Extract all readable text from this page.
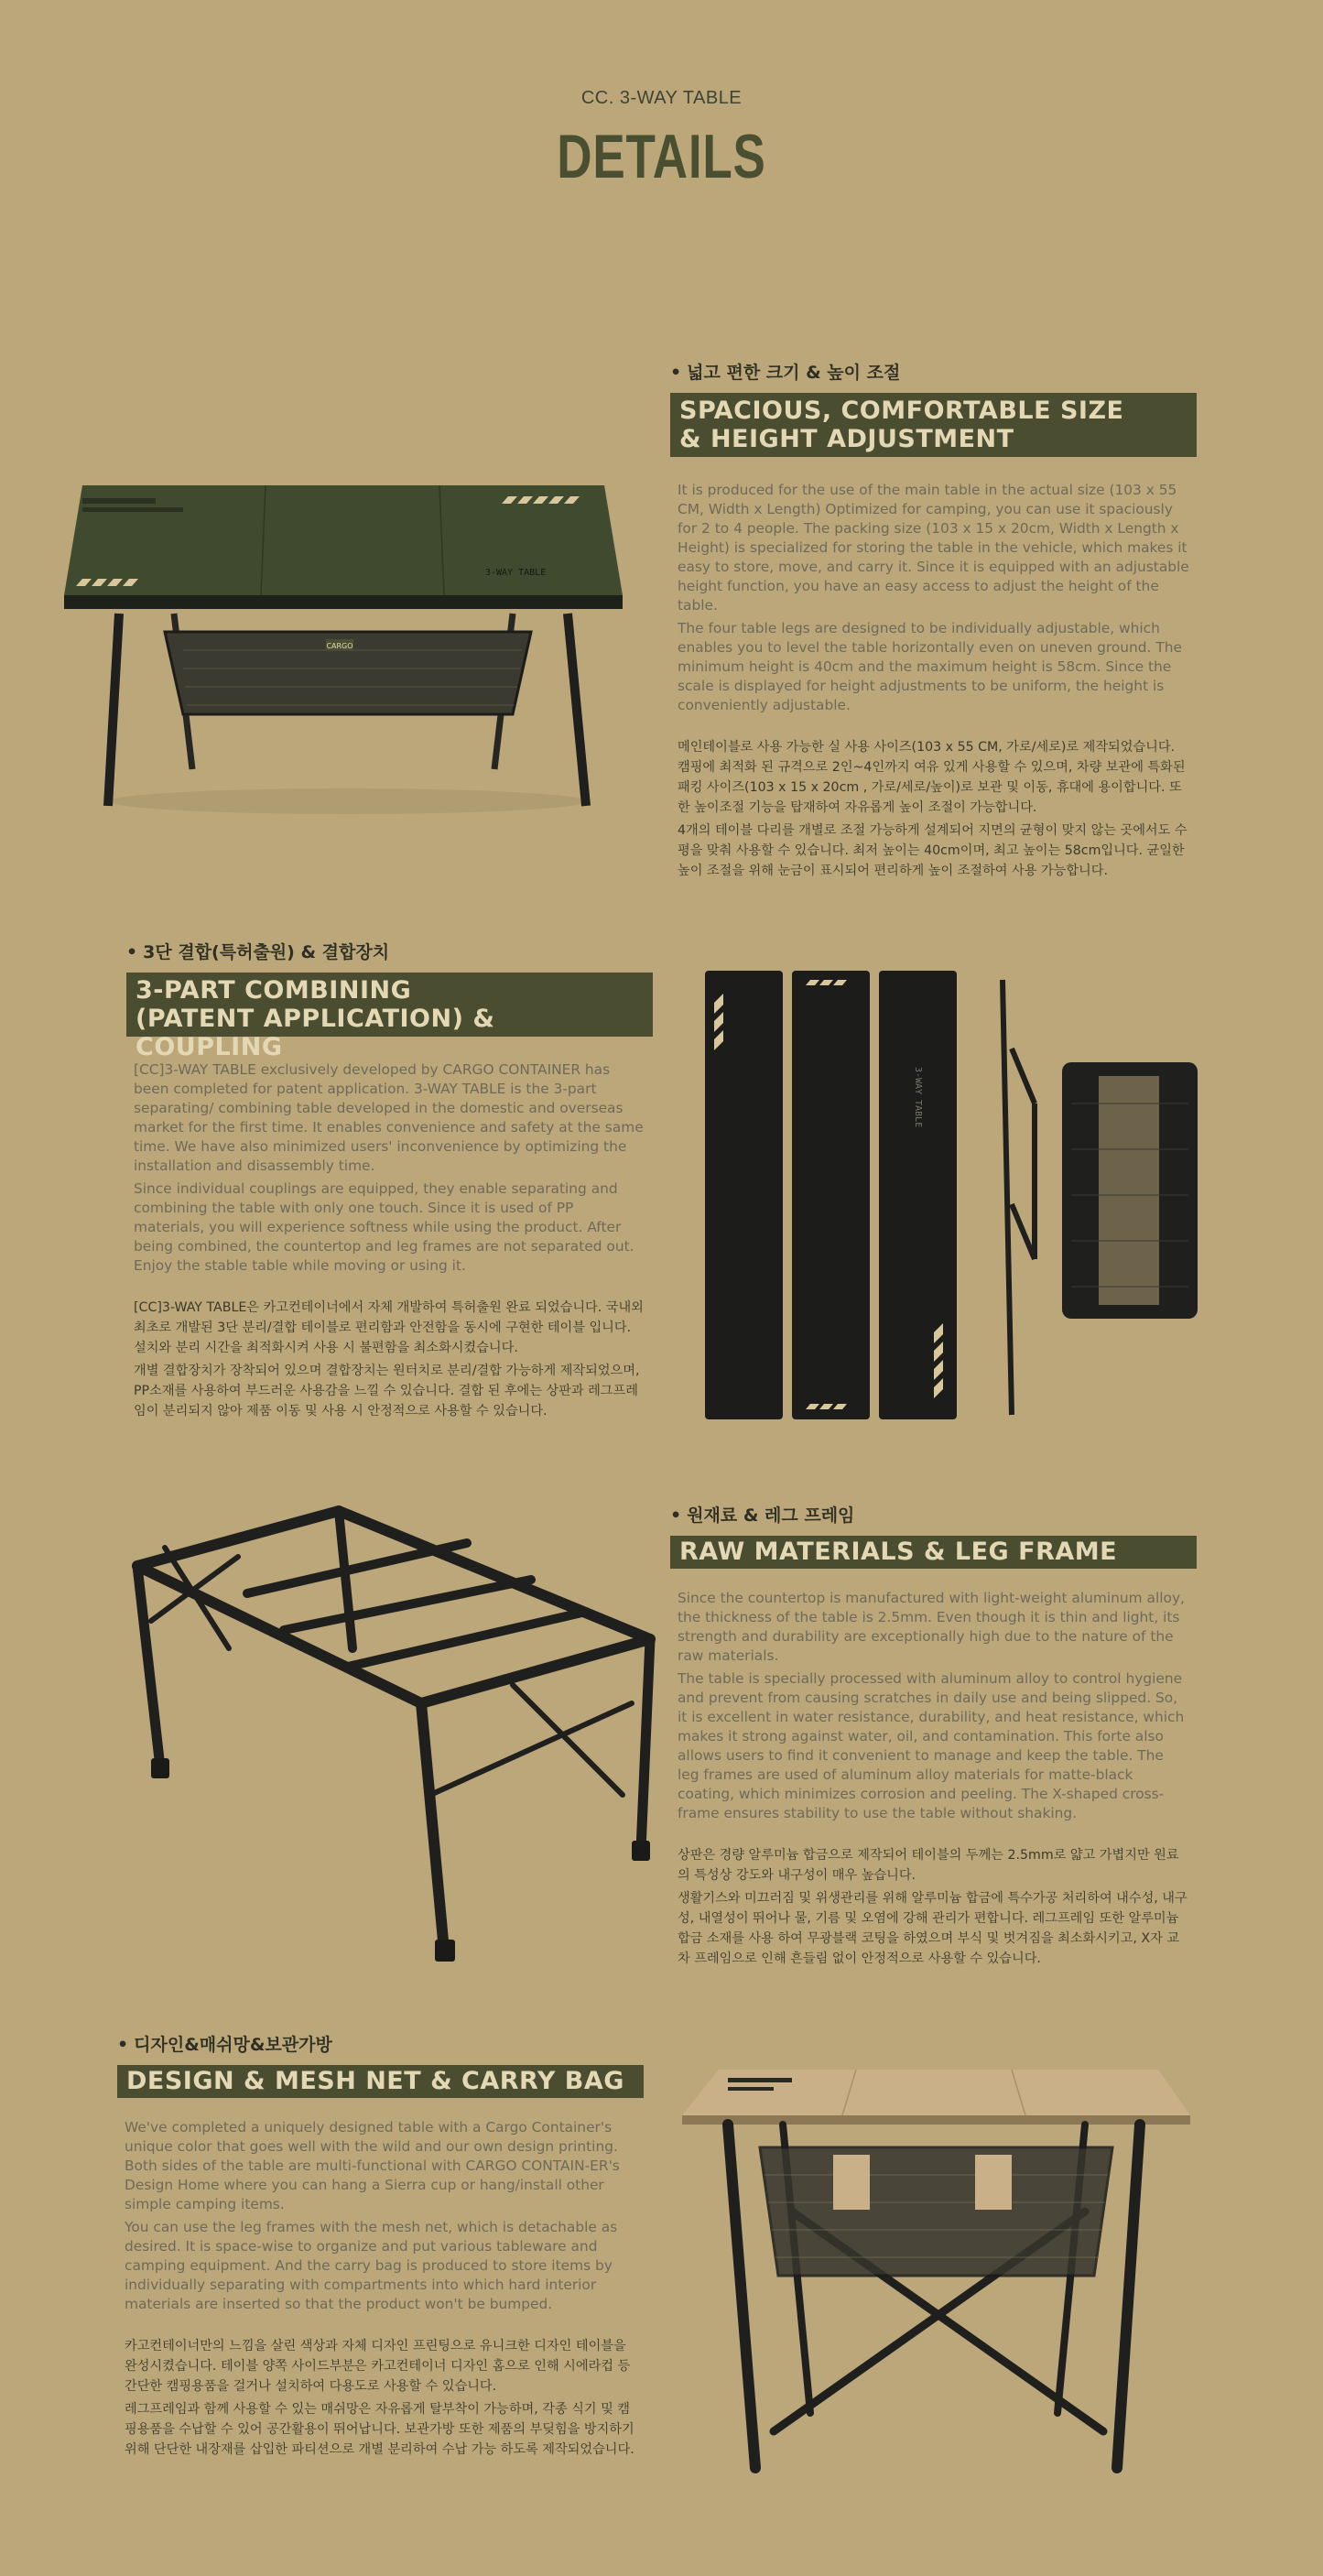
CC. 3-WAY TABLE
DETAILS
• 넓고 편한 크기 & 높이 조절
SPACIOUS, COMFORTABLE SIZE
& HEIGHT ADJUSTMENT

It is produced for the use of the main table in the actual size (103 x 55 CM, Width x Length) Optimized for camping, you can use it spaciously for 2 to 4 people. The packing size (103 x 15 x 20cm, Width x Length x Height) is specialized for storing the table in the vehicle, which makes it easy to store, move, and carry it. Since it is equipped with an adjustable height function, you have an easy access to adjust the height of the table.

The four table legs are designed to be individually adjustable, which enables you to level the table horizontally even on uneven ground. The minimum height is 40cm and the maximum height is 58cm. Since the scale is displayed for height adjustments to be uniform, the height is conveniently adjustable.

메인테이블로 사용 가능한 실 사용 사이즈(103 x 55 CM, 가로/세로)로 제작되었습니다. 캠핑에 최적화 된 규격으로 2인~4인까지 여유 있게 사용할 수 있으며, 차량 보관에 특화된 패킹 사이즈(103 x 15 x 20cm , 가로/세로/높이)로 보관 및 이동, 휴대에 용이합니다. 또한 높이조절 기능을 탑재하여 자유롭게 높이 조절이 가능합니다.

4개의 테이블 다리를 개별로 조절 가능하게 설계되어 지면의 균형이 맞지 않는 곳에서도 수평을 맞춰 사용할 수 있습니다. 최저 높이는 40cm이며, 최고 높이는 58cm입니다. 균일한 높이 조절을 위해 눈금이 표시되어 편리하게 높이 조절하여 사용 가능합니다.

CARGO
3-WAY TABLE
• 3단 결합(특허출원) & 결합장치
3-PART COMBINING
(PATENT APPLICATION) & COUPLING

[CC]3-WAY TABLE exclusively developed by CARGO CONTAINER has been completed for patent application. 3-WAY TABLE is the 3-part separating/ combining table developed in the domestic and overseas market for the first time. It enables convenience and safety at the same time. We have also minimized users' inconvenience by optimizing the installation and disassembly time.

Since individual couplings are equipped, they enable separating and combining the table with only one touch. Since it is used of PP materials, you will experience softness while using the product. After being combined, the countertop and leg frames are not separated out. Enjoy the stable table while moving or using it.

[CC]3-WAY TABLE은 카고컨테이너에서 자체 개발하여 특허출원 완료 되었습니다. 국내외 최초로 개발된 3단 분리/결합 테이블로 편리함과 안전함을 동시에 구현한 테이블 입니다. 설치와 분리 시간을 최적화시켜 사용 시 불편함을 최소화시켰습니다.

개별 결합장치가 장착되어 있으며 결합장치는 원터치로 분리/결합 가능하게 제작되었으며, PP소재를 사용하여 부드러운 사용감을 느낄 수 있습니다. 결합 된 후에는 상판과 레그프레임이 분리되지 않아 제품 이동 및 사용 시 안정적으로 사용할 수 있습니다.

3-WAY TABLE
• 원재료 & 레그 프레임
RAW MATERIALS & LEG FRAME

Since the countertop is manufactured with light-weight aluminum alloy, the thickness of the table is 2.5mm. Even though it is thin and light, its strength and durability are exceptionally high due to the nature of the raw materials.

The table is specially processed with aluminum alloy to control hygiene and prevent from causing scratches in daily use and being slipped. So, it is excellent in water resistance, durability, and heat resistance, which makes it strong against water, oil, and contamination. This forte also allows users to find it convenient to manage and keep the table. The leg frames are used of aluminum alloy materials for matte-black coating, which minimizes corrosion and peeling. The X-shaped cross-frame ensures stability to use the table without shaking.

상판은 경량 알루미늄 합금으로 제작되어 테이블의 두께는 2.5mm로 얇고 가볍지만 원료의 특성상 강도와 내구성이 매우 높습니다.

생활기스와 미끄러짐 및 위생관리를 위해 알루미늄 합금에 특수가공 처리하여 내수성, 내구성, 내열성이 뛰어나 물, 기름 및 오염에 강해 관리가 편합니다. 레그프레임 또한 알루미늄 합금 소재를 사용 하여 무광블랙 코팅을 하였으며 부식 및 벗겨짐을 최소화시키고, X자 교차 프레임으로 인해 흔들림 없이 안정적으로 사용할 수 있습니다.

• 디자인&매쉬망&보관가방
DESIGN & MESH NET & CARRY BAG

We've completed a uniquely designed table with a Cargo Container's unique color that goes well with the wild and our own design printing. Both sides of the table are multi-functional with CARGO CONTAIN-ER's Design Home where you can hang a Sierra cup or hang/install other simple camping items.

You can use the leg frames with the mesh net, which is detachable as desired. It is space-wise to organize and put various tableware and camping equipment. And the carry bag is produced to store items by individually separating with compartments into which hard interior materials are inserted so that the product won't be bumped.

카고컨테이너만의 느낌을 살린 색상과 자체 디자인 프린팅으로 유니크한 디자인 테이블을 완성시켰습니다. 테이블 양쪽 사이드부분은 카고컨테이너 디자인 홈으로 인해 시에라컵 등 간단한 캠핑용품을 걸거나 설치하여 다용도로 사용할 수 있습니다.

레그프레임과 함께 사용할 수 있는 매쉬망은 자유롭게 탈부착이 가능하며, 각종 식기 및 캠핑용품을 수납할 수 있어 공간활용이 뛰어납니다. 보관가방 또한 제품의 부딪힘을 방지하기 위해 단단한 내장재를 삽입한 파티션으로 개별 분리하여 수납 가능 하도록 제작되었습니다.
